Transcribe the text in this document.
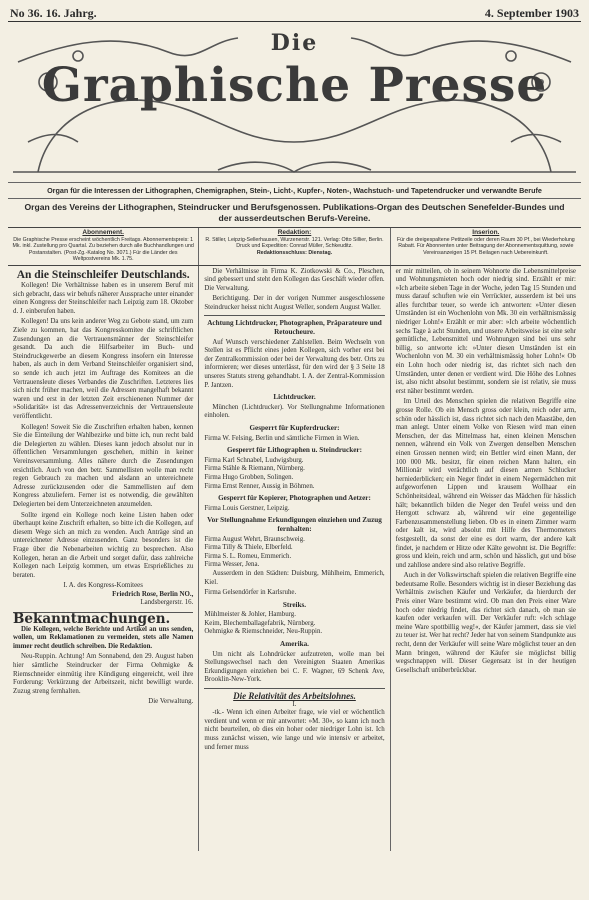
No 36. 16. Jahrg.	4. September 1903
Die
Graphische Presse
Organ für die Interessen der Lithographen, Chemigraphen, Stein-, Licht-, Kupfer-, Noten-, Wachstuch- und Tapetendrucker und verwandte Berufe
Organ des Vereins der Lithographen, Steindrucker und Berufsgenossen. Publikations-Organ des Deutschen Senefelder-Bundes und der ausserdeutschen Berufs-Vereine.
Abonnement.
Die Graphische Presse erscheint wöchentlich Freitags. Abonnementspreis: 1 Mk. inkl. Zustellung pro Quartal. Zu beziehen durch alle Buchhandlungen und Postanstalten. (Post-Zg.-Katalog No. 3071.) Für die Länder des Weltpostvereins Mk. 1.75.
Redaktion:
R. Stiller, Leipzig-Sellerhausen, Wurzenerstr. 121. Verlag: Otto Sillier, Berlin. Druck und Expedition: Conrad Müller, Schkeuditz.
Redaktionsschluss: Dienstag.
Inserion.
Für die dreigespaltene Petitzeile oder deren Raum 30 Pf., bei Wiederholung Rabatt. Für Abonnenten unter Beitragung der Abonnementsquittung, sowie Vereinsanzeigen 15 Pf. Beilagen nach Uebereinkunft.
An die Steinschleifer Deutschlands.

Kollegen! Die Verhältnisse haben es in unserem Beruf mit sich gebracht, dass wir behufs näherer Aussprache unter einander einen Kongress der Steinschleifer nach Leipzig zum 18. Oktober d. J. einberufen haben.

Kollegen! Da uns kein anderer Weg zu Gebote stand, um zum Ziele zu kommen, hat das Kongresskomitee die schriftlichen Zusendungen an die Vertrauensmänner der Steinschleifer gesandt. Da auch die Hilfsarbeiter im Buch- und Steindruckgewerbe an diesem Kongress insofern ein Interesse haben, als auch in dem Verband Steinschleifer organisiert sind, so sende ich auch jetzt im Auftrage des Komitees an die Vertrauensleute dieses Verbandes die Zuschriften. Letzteres lies sich nicht früher machen, weil die Adressen mangelhaft bekannt waren und erst in der letzten Zeit erschienenen Nummer der »Solidarität« ist das Adressenverzeichnis der Vertrauensleute veröffentlicht.

Kollegen! Soweit Sie die Zuschriften erhalten haben, kennen Sie die Einteilung der Wahlbezirke und bitte ich, nun recht bald die Delegierten zu wählen. Dieses kann jedoch absolut nur in öffentlichen Versammlungen geschehen, mithin in keiner Vereinsversammlung. Alles nähere durch die Zusendungen ersichtlich. Auch von den betr. Sammellisten wolle man recht regen Gebrauch zu machen und alsdann an untereichnete Adresse zurückzusenden oder die Sammellisten auf dem Kongress abzuliefern. Ferner ist es notwendig, die gewählten Delegierten bei dem Unterzeichneten anzumelden.

Sollte irgend ein Kollege noch keine Listen haben oder überhaupt keine Zuschrift erhalten, so bitte ich die Kollegen, auf diesem Wege sich an mich zu wenden. Auch Anträge sind an untereichneter Adresse einzusenden. Ganz besonders ist die Frage über die Nebenarbeiten wichtig zu besprechen. Also Kollegen, heran an die Arbeit und sorget dafür, dass zahlreiche Kollegen nach Leipzig kommen, um etwas Ersprießliches zu beraten.

I. A. des Kongress-Komitees
Friedrich Rose, Berlin NO.,
Landsbergerstr. 16.
Bekanntmachungen.

Die Kollegen, welche Berichte und Artikel an uns senden, wollen, um Reklamationen zu vermeiden, stets alle Namen immer recht deutlich schreiben. Die Redaktion.

Neu-Ruppin. Achtung! Am Sonnabend, den 29. August haben hier sämtliche Steindrucker der Firma Oehmigke & Riemschneider einmütig ihre Kündigung eingereicht, weil ihre Forderung: Verkürzung der Arbeitszeit, nicht bewilligt wurde. Zuzug streng fernhalten.

Die Verwaltung.

Die Verhältnisse in Firma K. Ziotkowski & Co., Pleschen, sind gebessert und steht den Kollegen das Geschäft wieder offen. Die Verwaltung.

Berichtigung. Der in der vorigen Nummer ausgeschlossene Steindrucker heisst nicht August Weller, sondern August Waller.

Achtung Lichtdrucker, Photographen, Präparateure und Retoucheure.

Auf Wunsch verschiedener Zahlstellen. Beim Wechseln von Stellen ist es Pflicht eines jeden Kollegen, sich vorher erst bei der Zentralkommission oder bei der Verwaltung des betr. Orts zu informieren; wer dieses unterlässt, für den wird der § 3 Seite 18 unseres Statuts streng gehandhabt. I. A. der Zentral-Kommission P. Jantzen.

Lichtdrucker.

München (Lichtdrucker). Vor Stellungnahme Informationen einholen.

Gesperrt für Kupferdrucker:

Firma W. Felsing, Berlin und sämtliche Firmen in Wien.

Gesperrt für Lithographen u. Steindrucker:
Firma Karl Schnabel, Ludwigsburg.
Firma Stähle & Riemann, Nürnberg.
Firma Hugo Grobben, Solingen.
Firma Ernst Renner, Aussig in Böhmen.
Gesperrt für Kopierer, Photographen und Aetzer:

Firma Louis Gerstner, Leipzig.

Vor Stellungnahme Erkundigungen einziehen und Zuzug fernhalten:
Firma August Wehrt, Braunschweig.
Firma Tilly & Thiele, Elberfeld.
Firma S. L. Romeu, Emmerich.
Firma Wesser, Jena.

Ausserdem in den Städten: Duisburg, Mühlheim, Emmerich, Kiel.

Firma Gelsendörfer in Karlsruhe.

Streiks.
Mühlmeister & Johler, Hamburg.
Keim, Blechemballagefabrik, Nürnberg.
Oehmigke & Riemschneider, Neu-Ruppin.
Amerika.

Um nicht als Lohndrücker aufzutreten, wolle man bei Stellungswechsel nach den Vereinigten Staaten Amerikas Erkundigungen einziehen bei C. F. Wagner, 69 Schenk Ave, Brooklin-New-York.

Die Relativität des Arbeitslohnes.
I.

-tk.- Wenn ich einen Arbeiter frage, wie viel er wöchentlich verdient und wenn er mir antwortet: »M. 30«, so kann ich noch nicht beurteilen, ob dies ein hoher oder niedriger Lohn ist. Ich muss zunächst wissen, wie lange und wie intensiv er arbeitet, und ferner muss

er mir mitteilen, ob in seinem Wohnorte die Lebensmittelpreise und Wohnungsmieten hoch oder niedrig sind. Erzählt er mir: »Ich arbeite sieben Tage in der Woche, jeden Tag 15 Stunden und muss darauf schuften wie ein Verrückter, ausserdem ist bei uns alles furchtbar teuer, so werde ich antworten: »Unter diesen Umständen ist ein Wochenlohn von Mk. 30 ein verhältnismässig niedriger Lohn!« Erzählt er mir aber: »Ich arbeite wöchentlich sechs Tage à acht Stunden, und unsere Arbeitsweise ist eine sehr gemütliche, Lebensmittel und Wohnungen sind bei uns sehr billig, so antworte ich: »Unter diesen Umständen ist ein Wochenlohn von M. 30 ein verhältnismässig hoher Lohn!« Ob ein Lohn hoch oder niedrig ist, das richtet sich nach den Umständen, unter denen er verdient wird. Die Höhe des Lohnes ist, also nicht absolut bestimmt, sondern sie ist relativ, sie muss erst näher bestimmt werden.

Im Urteil des Menschen spielen die relativen Begriffe eine grosse Rolle. Ob ein Mensch gross oder klein, reich oder arm, schön oder hässlich ist, dass richtet sich nach den Maastäbe, den man anlegt. Unter einem Volke von Riesen wird man einen Menschen, der das Mittelmass hat, einen kleinen Menschen nennen, während ein Volk von Zwergen denselben Menschen einen Grossen nennen wird; ein Bettler wird einen Mann, der 100 000 Mk. besitzt, für einen reichen Mann halten, ein Millionär wird verächtlich auf diesen armen Schlucker herniederblicken; ein Neger findet in einem Negermädchen mit aufgeworfenen Lippen und krausem Wollhaar ein Schönheitsideal, während ein Weisser das Mädchen für hässlich hält; bekanntlich bilden die Neger den Teufel weiss und den Herrgott schwarz ab, während wir eine gegenteilige Farbenzusammenstellung lieben. Ob es in einem Zimmer warm oder kalt ist, wird absolut mit Hilfe des Thermometers festgestellt, da sonst der eine es dort warm, der andere kalt findet, je nachdem er Hitze oder Kälte gewohnt ist. Die Begriffe: gross und klein, reich und arm, schön und hässlich, gut und böse und zahllose andere sind also relative Begriffe.

Auch in der Volkswirtschaft spielen die relativen Begriffe eine bedeutsame Rolle. Besonders wichtig ist in dieser Beziehung das Verhältnis zwischen Käufer und Verkäufer, da hierdurch der Preis einer Ware bestimmt wird. Ob man den Preis einer Ware hoch oder niedrig findet, das richtet sich danach, ob man sie kaufen oder verkaufen will. Der Verkäufer ruft: »Ich schlage meine Ware spottbillig weg!«, der Käufer jammert, dass sie viel zu teuer ist. Wer hat recht? Jeder hat von seinem Standpunkte aus recht, denn der Verkäufer will seine Ware möglichst teuer an den Mann bringen, während der Käufer sie möglichst billig wegschnappen will. Dieser Gegensatz ist in der heutigen Gesellschaft unüberbrückbar.
